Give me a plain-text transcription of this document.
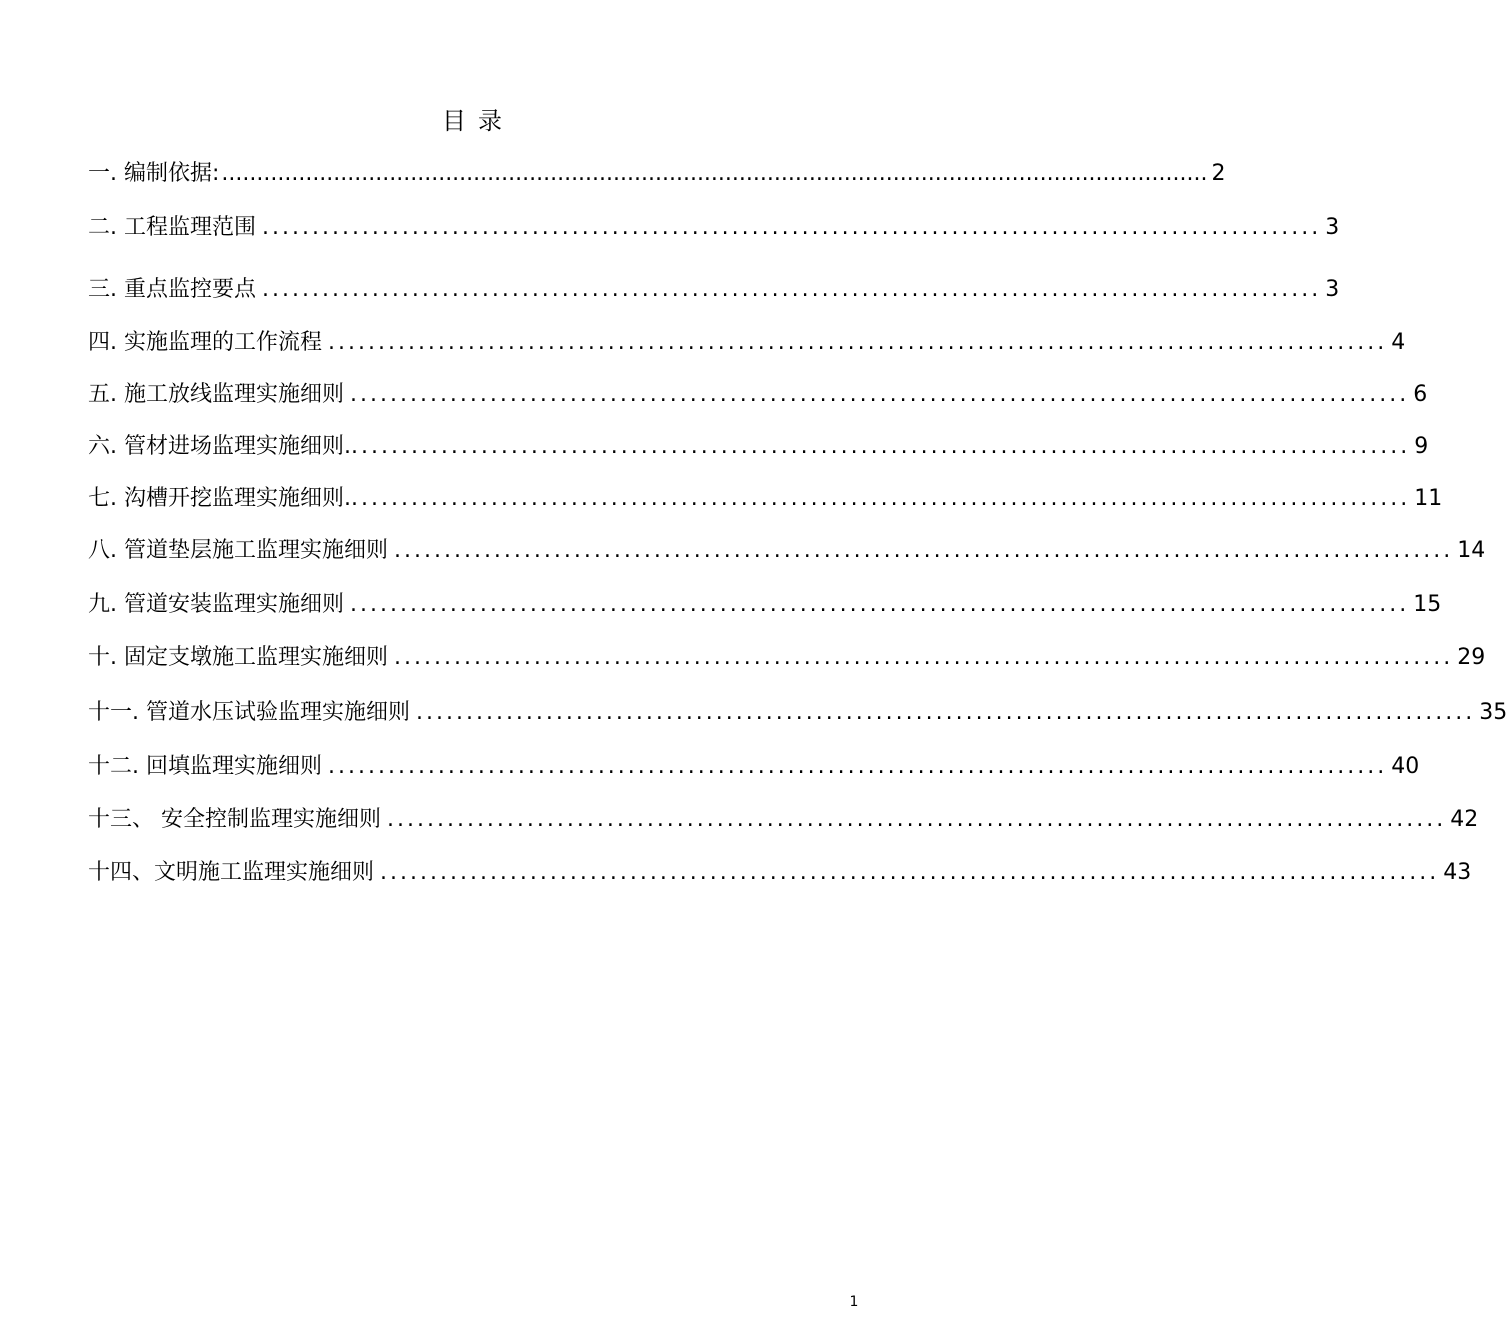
目录
一. 编制依据: ............................................................................................................................................. 2
二. 工程监理范围 .......................................................................................................... 3
三. 重点监控要点 .......................................................................................................... 3
四. 实施监理的工作流程 .......................................................................................................... 4
五. 施工放线监理实施细则 .......................................................................................................... 6
六. 管材进场监理实施细则. .......................................................................................................... 9
七. 沟槽开挖监理实施细则. .......................................................................................................... 11
八. 管道垫层施工监理实施细则 .......................................................................................................... 14
九. 管道安装监理实施细则 .......................................................................................................... 15
十. 固定支墩施工监理实施细则 .......................................................................................................... 29
十一. 管道水压试验监理实施细则 .......................................................................................................... 35
十二. 回填监理实施细则 .......................................................................................................... 40
十三、 安全控制监理实施细则 .......................................................................................................... 42
十四、文明施工监理实施细则 .......................................................................................................... 43
1
